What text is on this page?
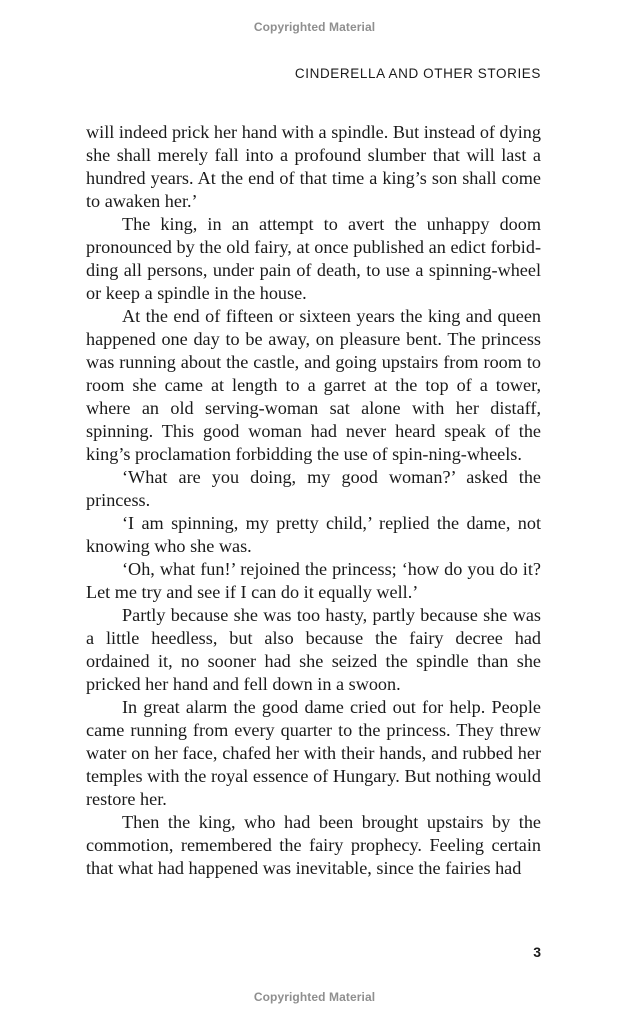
Copyrighted Material
CINDERELLA AND OTHER STORIES

will indeed prick her hand with a spindle. But instead of dying she shall merely fall into a profound slumber that will last a hundred years. At the end of that time a king’s son shall come to awaken her.’

The king, in an attempt to avert the unhappy doom pronounced by the old fairy, at once published an edict forbid-ding all persons, under pain of death, to use a spinning-wheel or keep a spindle in the house.

At the end of fifteen or sixteen years the king and queen happened one day to be away, on pleasure bent. The princess was running about the castle, and going upstairs from room to room she came at length to a garret at the top of a tower, where an old serving-woman sat alone with her distaff, spinning. This good woman had never heard speak of the king’s proclamation forbidding the use of spin-ning-wheels.

‘What are you doing, my good woman?’ asked the princess.

‘I am spinning, my pretty child,’ replied the dame, not knowing who she was.

‘Oh, what fun!’ rejoined the princess; ‘how do you do it? Let me try and see if I can do it equally well.’

Partly because she was too hasty, partly because she was a little heedless, but also because the fairy decree had ordained it, no sooner had she seized the spindle than she pricked her hand and fell down in a swoon.

In great alarm the good dame cried out for help. People came running from every quarter to the princess. They threw water on her face, chafed her with their hands, and rubbed her temples with the royal essence of Hungary. But nothing would restore her.

Then the king, who had been brought upstairs by the commotion, remembered the fairy prophecy. Feeling certain that what had happened was inevitable, since the fairies had

3
Copyrighted Material
